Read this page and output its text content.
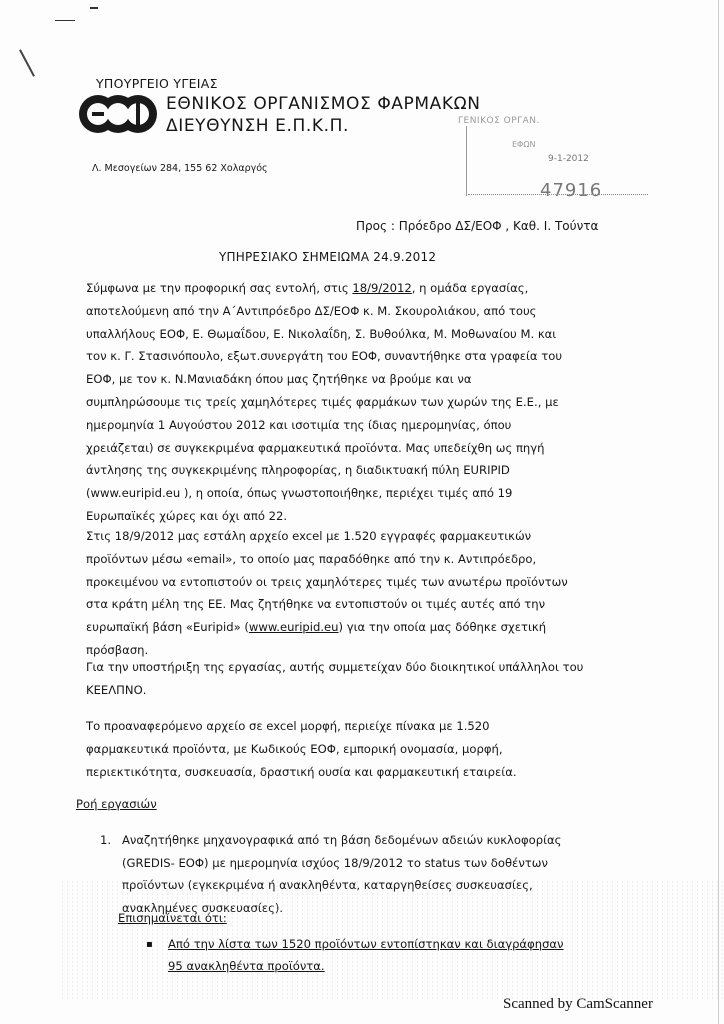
ΥΠΟΥΡΓΕΙΟ ΥΓΕΙΑΣ
ΕΘΝΙΚΟΣ ΟΡΓΑΝΙΣΜΟΣ ΦΑΡΜΑΚΩΝ
ΔΙΕΥΘΥΝΣΗ Ε.Π.Κ.Π.
Λ. Μεσογείων 284, 155 62 Χολαργός
ΓΕΝΙΚΟΣ ΟΡΓΑΝ.
ΕΦΩΝ
9-1-2012
47916
Προς : Πρόεδρο ΔΣ/ΕΟΦ , Καθ. Ι. Τούντα
ΥΠΗΡΕΣΙΑΚΟ ΣΗΜΕΙΩΜΑ 24.9.2012
Σύμφωνα με την προφορική σας εντολή, στις 18/9/2012, η ομάδα εργασίας,
αποτελούμενη από την Α΄Αντιπρόεδρο ΔΣ/ΕΟΦ κ. Μ. Σκουρολιάκου, από τους
υπαλλήλους ΕΟΦ, Ε. Θωμαΐδου, Ε. Νικολαΐδη, Σ. Βυθούλκα, Μ. Μοθωναίου Μ. και
τον κ. Γ. Στασινόπουλο, εξωτ.συνεργάτη του ΕΟΦ, συναντήθηκε στα γραφεία του
ΕΟΦ, με τον κ. Ν.Μανιαδάκη όπου μας ζητήθηκε να βρούμε και να
συμπληρώσουμε τις τρείς χαμηλότερες τιμές φαρμάκων των χωρών της Ε.Ε., με
ημερομηνία 1 Αυγούστου 2012 και ισοτιμία της ίδιας ημερομηνίας, όπου
χρειάζεται) σε συγκεκριμένα φαρμακευτικά προϊόντα. Μας υπεδείχθη ως πηγή
άντλησης της συγκεκριμένης πληροφορίας, η διαδικτυακή πύλη EURIPID
(www.euripid.eu ), η οποία, όπως γνωστοποιήθηκε, περιέχει τιμές από 19
Ευρωπαϊκές χώρες και όχι από 22.
Στις 18/9/2012 μας εστάλη αρχείο excel με 1.520 εγγραφές φαρμακευτικών
προϊόντων μέσω «email», το οποίο μας παραδόθηκε από την κ. Αντιπρόεδρο,
προκειμένου να εντοπιστούν οι τρεις χαμηλότερες τιμές των ανωτέρω προϊόντων
στα κράτη μέλη της ΕΕ. Μας ζητήθηκε να εντοπιστούν οι τιμές αυτές από την
ευρωπαϊκή βάση «Euripid» (www.euripid.eu) για την οποία μας δόθηκε σχετική
πρόσβαση.
Για την υποστήριξη της εργασίας, αυτής συμμετείχαν δύο διοικητικοί υπάλληλοι του
ΚΕΕΛΠΝΟ.
Το προαναφερόμενο αρχείο σε excel μορφή, περιείχε πίνακα με 1.520
φαρμακευτικά προϊόντα, με Κωδικούς ΕΟΦ, εμπορική ονομασία, μορφή,
περιεκτικότητα, συσκευασία, δραστική ουσία και φαρμακευτική εταιρεία.
Ροή εργασιών
1. Αναζητήθηκε μηχανογραφικά από τη βάση δεδομένων αδειών κυκλοφορίας
(GREDIS- ΕΟΦ) με ημερομηνία ισχύος 18/9/2012 το status των δοθέντων
προϊόντων (εγκεκριμένα ή ανακληθέντα, καταργηθείσες συσκευασίες,
ανακλημένες συσκευασίες).
Επισημαίνεται ότι:
▪ Από την λίστα των 1520 προϊόντων εντοπίστηκαν και διαγράφησαν
95 ανακληθέντα προϊόντα.
Scanned by CamScanner
